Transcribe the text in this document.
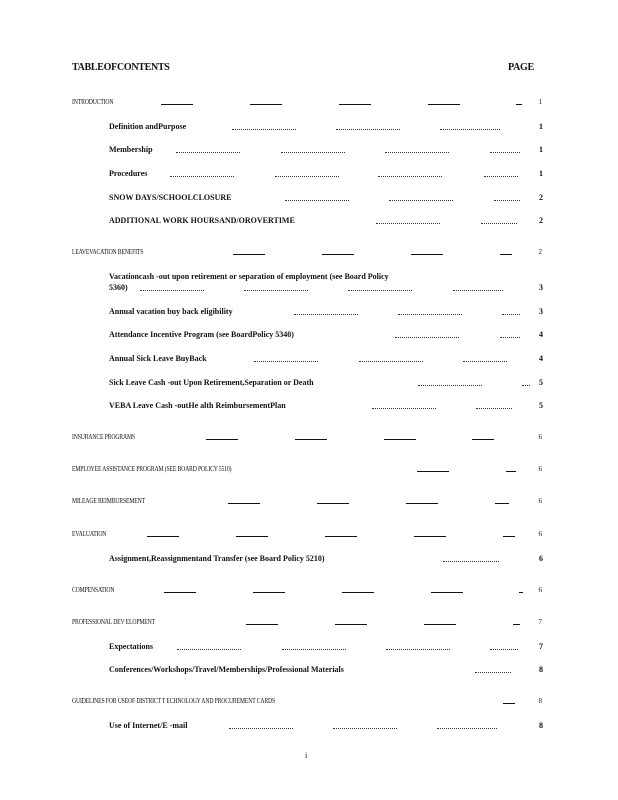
TABLEOFCONTENTS	PAGE
INTRODUCTION	1
Definition andPurpose	1
Membership	1
Procedures	1
SNOW DAYS/SCHOOLCLOSURE	2
ADDITIONAL WORK HOURSAND/OROVERTIME	2
LEAVEVACATION BENEFITS	2
Vacationcash -out upon retirement or separation of employment (see Board Policy
5360)	3
Annual vacation buy back eligibility	3
Attendance Incentive Program (see BoardPolicy 5340)	4
Annual Sick Leave BuyBack	4
Sick Leave Cash -out Upon Retirement,Separation or Death	5
VEBA Leave Cash -outHe alth ReimbursementPlan	5
INSURANCE PROGRAMS	6
EMPLOYEE ASSISTANCE PROGRAM (SEE BOARD POLICY 5510)	6
MILEAGE REIMBURSEMENT	6
EVALUATION	6
Assignment,Reassignmentand Transfer (see Board Policy 5210)	6
COMPENSATION	6
PROFESSIONAL DEV ELOPMENT	7
Expectations	7
Conferences/Workshops/Travel/Memberships/Professional Materials	8
GUIDELINES FOR USEOF DISTRICT T ECHNOLOGY AND PROCUREMENT CARDS	8
Use of Internet/E -mail	8
i
